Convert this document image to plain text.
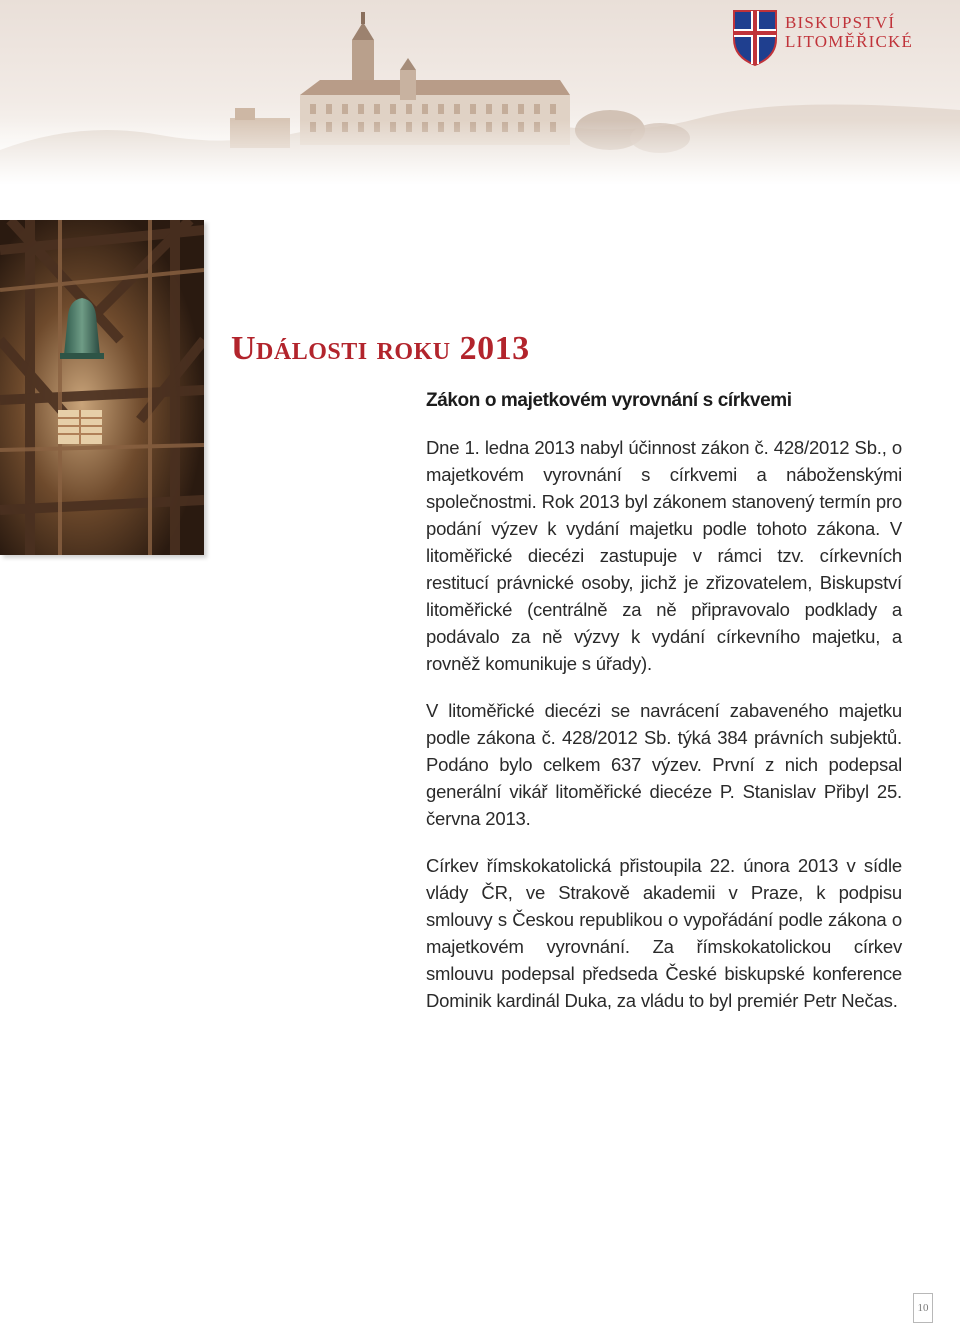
BISKUPSTVÍ
LITOMĚŘICKÉ
Události roku 2013
Zákon o majetkovém vyrovnání s církvemi

Dne 1. ledna 2013 nabyl účinnost zákon č. 428/2012 Sb., o majetkovém vyrovnání s církvemi a náboženskými společnostmi. Rok 2013 byl zákonem stanovený termín pro podání výzev k vydání majetku podle tohoto zákona. V litoměřické diecézi zastupuje v rámci tzv. církevních restitucí právnické osoby, jichž je zřizovatelem, Biskupství litoměřické (centrálně za ně připravovalo podklady a podávalo za ně výzvy k vydání církevního majetku, a rovněž komunikuje s úřady).

V litoměřické diecézi se navrácení zabaveného majetku podle zákona č. 428/2012 Sb. týká 384 právních subjektů. Podáno bylo celkem 637 výzev. První z nich podepsal generální vikář litoměřické diecéze P. Stanislav Přibyl 25. června 2013.

Církev římskokatolická přistoupila 22. února 2013 v sídle vlády ČR, ve Strakově akademii v Praze, k podpisu smlouvy s Českou republikou o vypořádání podle zákona o majetkovém vyrovnání. Za římskokatolickou církev smlouvu podepsal předseda České biskupské konference Dominik kardinál Duka, za vládu to byl premiér Petr Nečas.

10
